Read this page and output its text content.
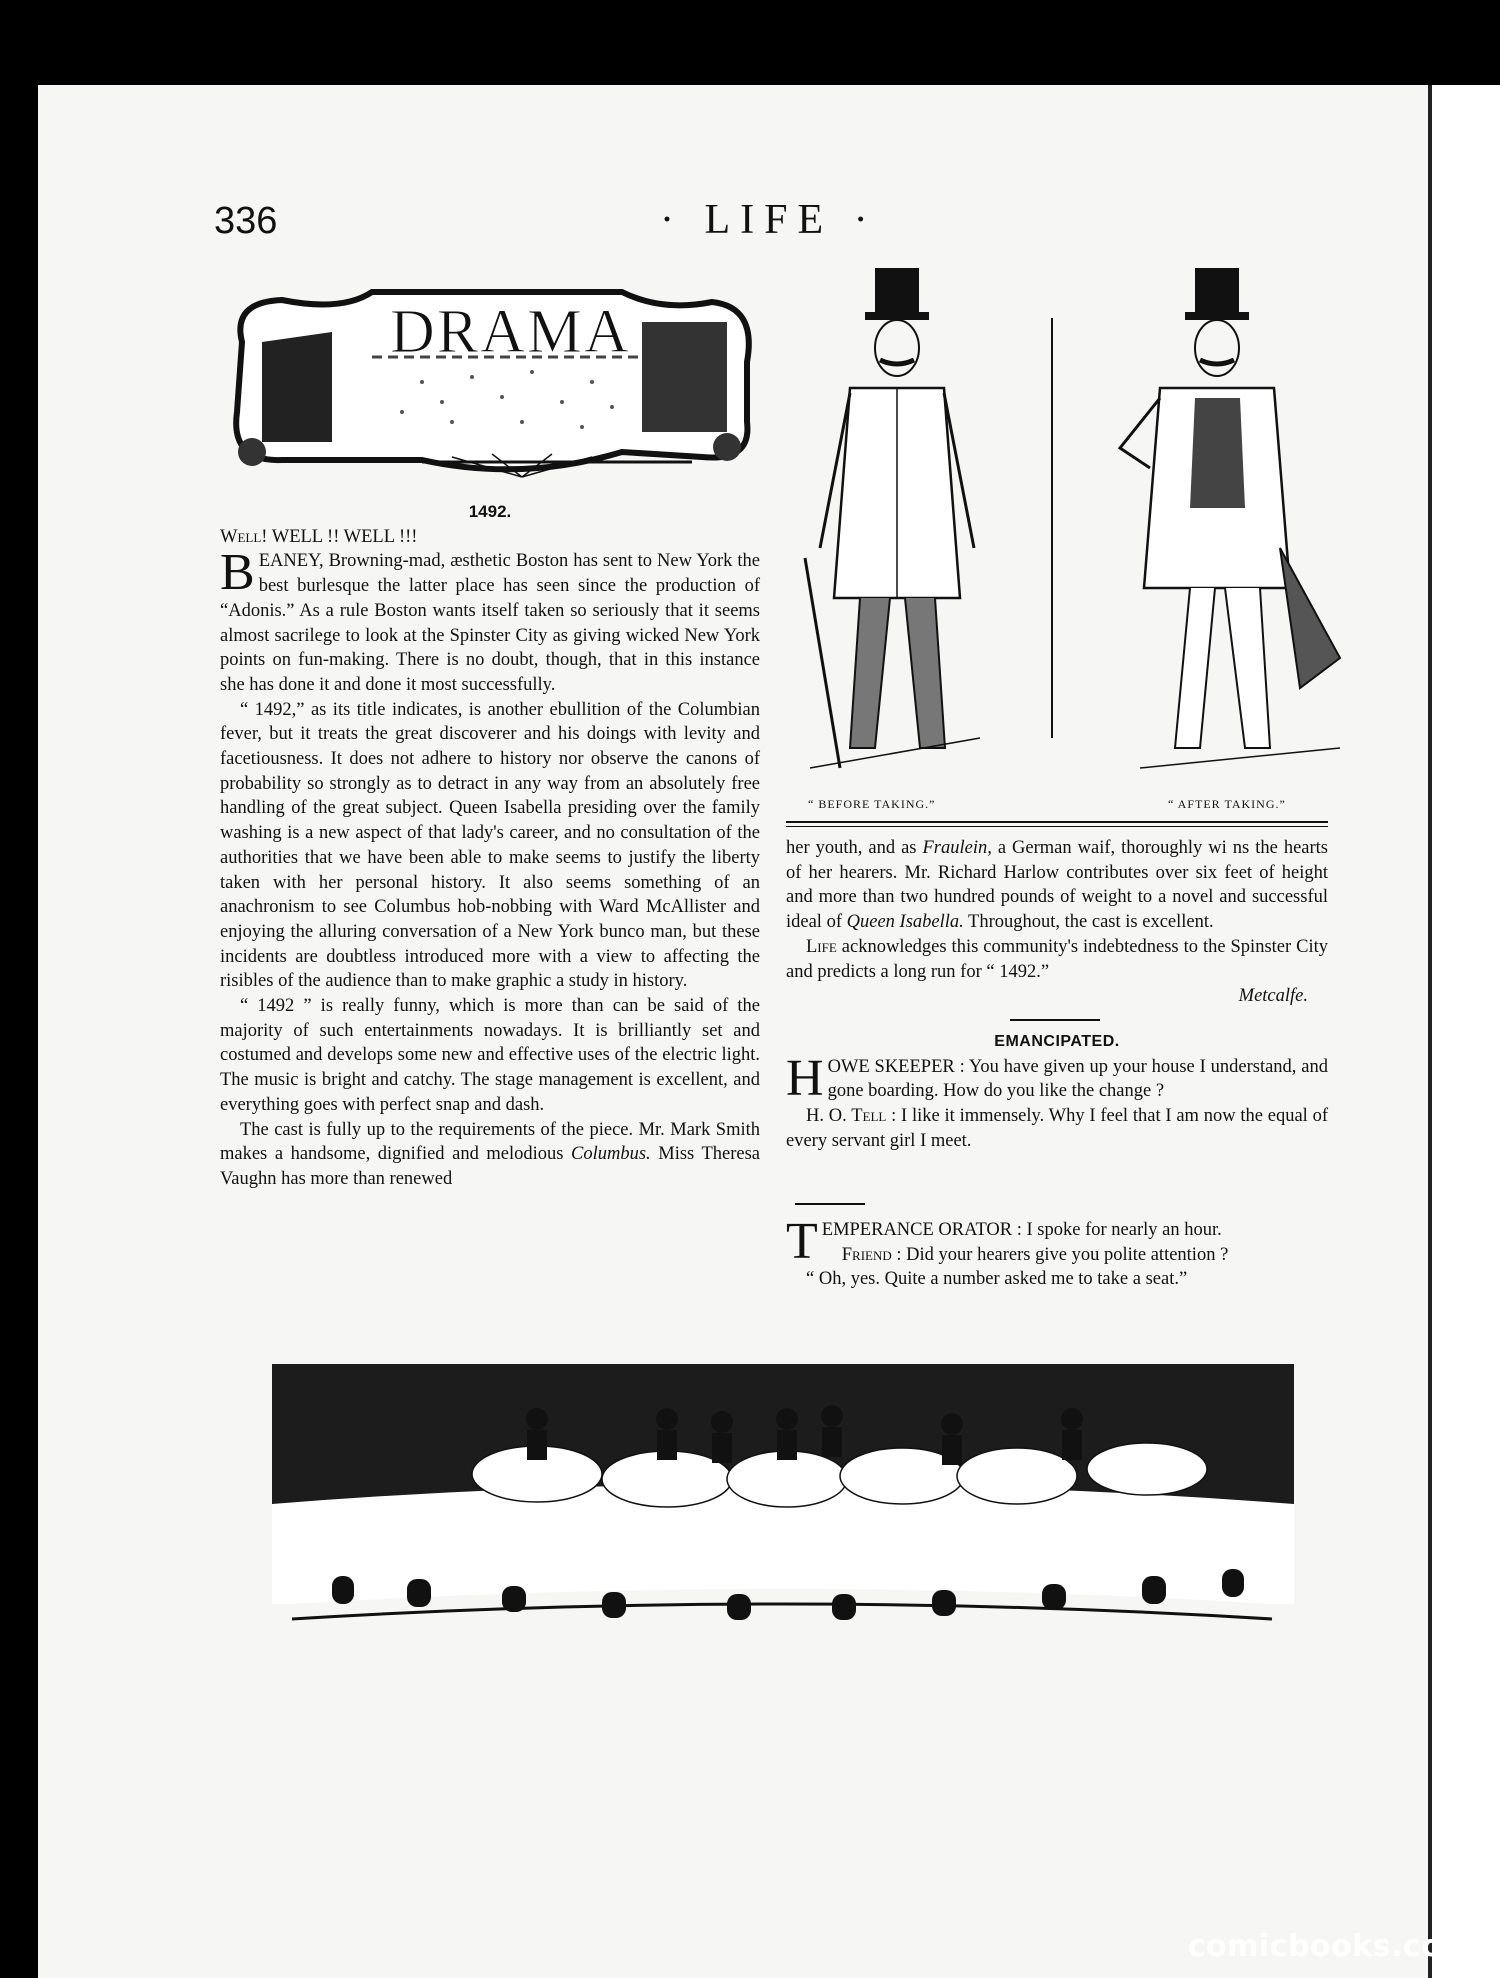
336	· LIFE ·
DRAMA

1492.

Well! WELL !! WELL !!!

BEANEY, Browning-mad, æsthetic Boston has sent to New York the best burlesque the latter place has seen since the production of “Adonis.” As a rule Boston wants itself taken so seriously that it seems almost sacrilege to look at the Spinster City as giving wicked New York points on fun-making. There is no doubt, though, that in this instance she has done it and done it most successfully.

“ 1492,” as its title indicates, is another ebullition of the Columbian fever, but it treats the great discoverer and his doings with levity and facetiousness. It does not adhere to history nor observe the canons of probability so strongly as to detract in any way from an absolutely free handling of the great subject. Queen Isabella presiding over the family washing is a new aspect of that lady's career, and no consultation of the authorities that we have been able to make seems to justify the liberty taken with her personal history. It also seems something of an anachronism to see Columbus hob-nobbing with Ward McAllister and enjoying the alluring conversation of a New York bunco man, but these incidents are doubtless introduced more with a view to affecting the risibles of the audience than to make graphic a study in history.

“ 1492 ” is really funny, which is more than can be said of the majority of such entertainments nowadays. It is brilliantly set and costumed and develops some new and effective uses of the electric light. The music is bright and catchy. The stage management is excellent, and everything goes with perfect snap and dash.

The cast is fully up to the requirements of the piece. Mr. Mark Smith makes a handsome, dignified and melodious Columbus. Miss Theresa Vaughn has more than renewed

“ BEFORE TAKING.”	“ AFTER TAKING.”

her youth, and as Fraulein, a German waif, thoroughly wi ns the hearts of her hearers. Mr. Richard Harlow contributes over six feet of height and more than two hundred pounds of weight to a novel and successful ideal of Queen Isabella. Throughout, the cast is excellent.

Life acknowledges this community's indebtedness to the Spinster City and predicts a long run for “ 1492.”

Metcalfe.

EMANCIPATED.

HOWE SKEEPER : You have given up your house I understand, and gone boarding. How do you like the change ?

H. O. Tell : I like it immensely. Why I feel that I am now the equal of every servant girl I meet.

TEMPERANCE ORATOR : I spoke for nearly an hour.

Friend : Did your hearers give you polite attention ?

“ Oh, yes. Quite a number asked me to take a seat.”

comicbooks.com
